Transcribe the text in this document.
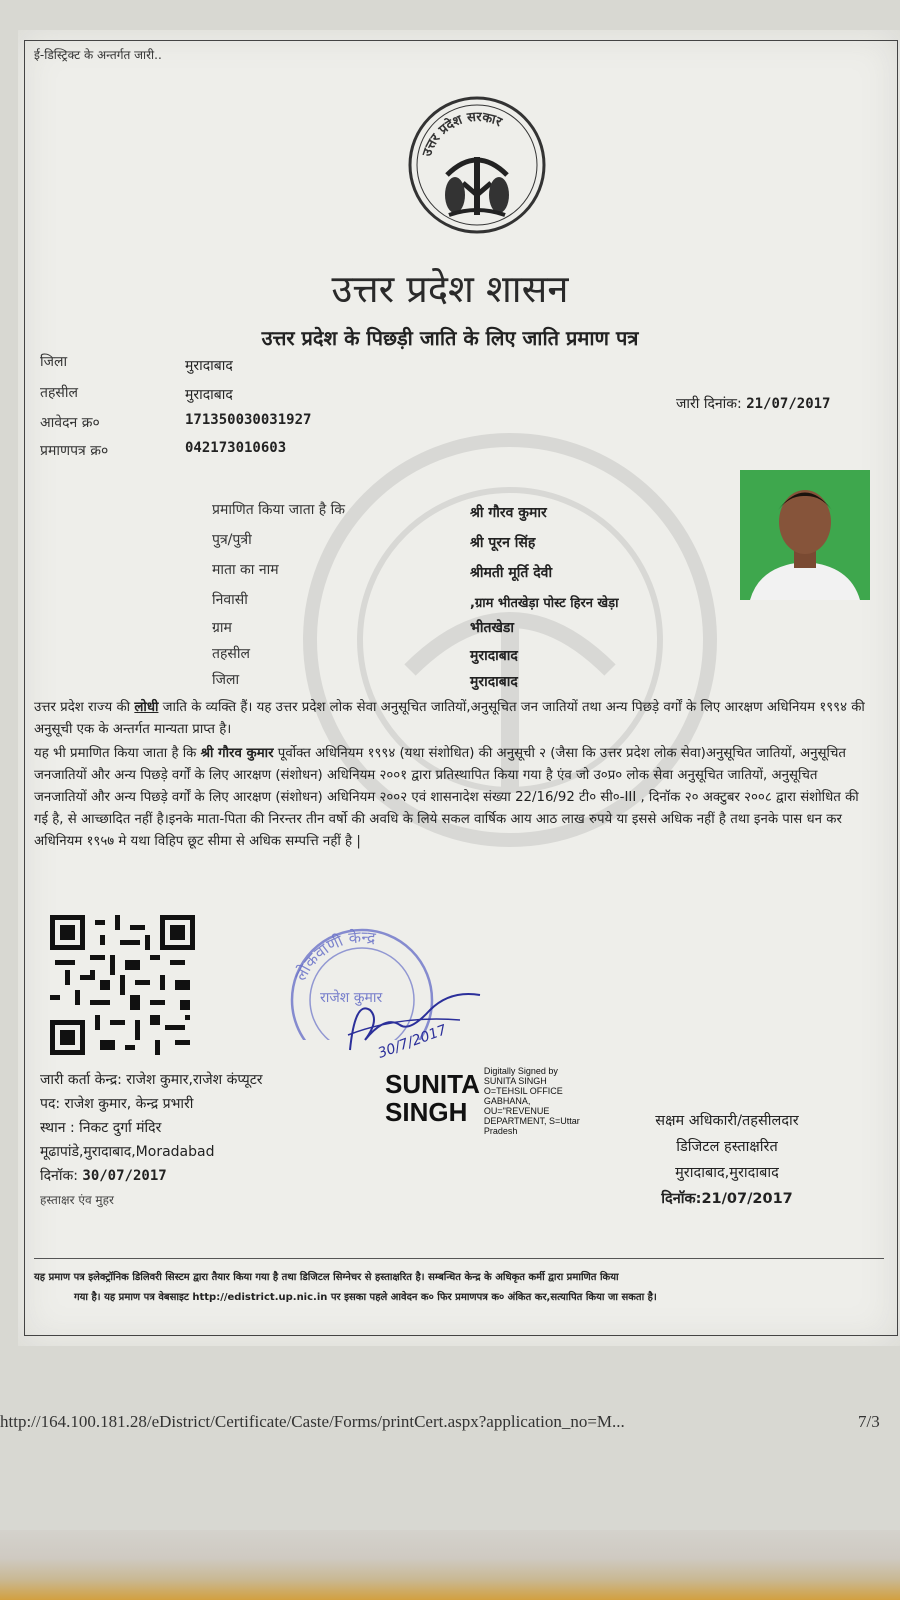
ई-डिस्ट्रिक्ट के अन्तर्गत जारी..
उत्तर प्रदेश सरकार
उत्तर प्रदेश शासन
उत्तर प्रदेश के पिछड़ी जाति के लिए जाति प्रमाण पत्र
जिला	मुरादाबाद
तहसील	मुरादाबाद
आवेदन क्र०	171350030031927
प्रमाणपत्र क्र०	042173010603
जारी दिनांक: 21/07/2017
प्रमाणित किया जाता है कि	श्री गौरव कुमार
पुत्र/पुत्री	श्री पूरन सिंह
माता का नाम	श्रीमती मूर्ति देवी
निवासी	,ग्राम भीतखेड़ा पोस्ट हिरन खेड़ा
ग्राम	भीतखेडा
तहसील	मुरादाबाद
जिला	मुरादाबाद
उत्तर प्रदेश राज्य की लोधी जाति के व्यक्ति हैं। यह उत्तर प्रदेश लोक सेवा अनुसूचित जातियों,अनुसूचित जन जातियों तथा अन्य पिछड़े वर्गों के लिए आरक्षण अधिनियम १९९४ की अनुसूची एक के अन्तर्गत मान्यता प्राप्त है।
यह भी प्रमाणित किया जाता है कि श्री गौरव कुमार पूर्वोक्त अधिनियम १९९४ (यथा संशोधित) की अनुसूची २ (जैसा कि उत्तर प्रदेश लोक सेवा)अनुसूचित जातियों, अनुसूचित जनजातियों और अन्य पिछड़े वर्गों के लिए आरक्षण (संशोधन) अधिनियम २००१ द्वारा प्रतिस्थापित किया गया है एंव जो उ०प्र० लोक सेवा अनुसूचित जातियों, अनुसूचित जनजातियों और अन्य पिछड़े वर्गों के लिए आरक्षण (संशोधन) अधिनियम २००२ एवं शासनादेश संख्या 22/16/92 टी० सी०-III , दिनॉक २० अक्टुबर २००८ द्वारा संशोधित की गई है, से आच्छादित नहीं है।इनके माता-पिता की निरन्तर तीन वर्षो की अवधि के लिये सकल वार्षिक आय आठ लाख रुपये या इससे अधिक नहीं है तथा इनके पास धन कर अधिनियम १९५७ मे यथा विहिप छूट सीमा से अधिक सम्पत्ति नहीं है |
लोकवाणी केन्द्र
राजेश कुमार
30/7/2017
जारी कर्ता केन्द्र: राजेश कुमार,राजेश कंप्यूटर
पद: राजेश कुमार, केन्द्र प्रभारी
स्थान : निकट दुर्गा मंदिर
मूढापांडे,मुरादाबाद,Moradabad
दिनॉक: 30/07/2017
हस्ताक्षर एंव मुहर
SUNITA
SINGH
Digitally Signed by
SUNITA SINGH
O=TEHSIL OFFICE
GABHANA,
OU="REVENUE
DEPARTMENT, S=Uttar
Pradesh
सक्षम अधिकारी/तहसीलदार
डिजिटल हस्ताक्षरित
मुरादाबाद,मुरादाबाद
दिनॉक:21/07/2017
यह प्रमाण पत्र इलेक्ट्रॉनिक डिलिवरी सिस्टम द्वारा तैयार किया गया है तथा डिजिटल सिग्नेचर से हस्ताक्षरित है। सम्बन्धित केन्द्र के अधिकृत कर्मी द्वारा प्रमाणित किया
गया है। यह प्रमाण पत्र वेबसाइट http://edistrict.up.nic.in पर इसका पहले आवेदन क० फिर प्रमाणपत्र क० अंकित कर,सत्यापित किया जा सकता है।
http://164.100.181.28/eDistrict/Certificate/Caste/Forms/printCert.aspx?application_no=M...	7/3
